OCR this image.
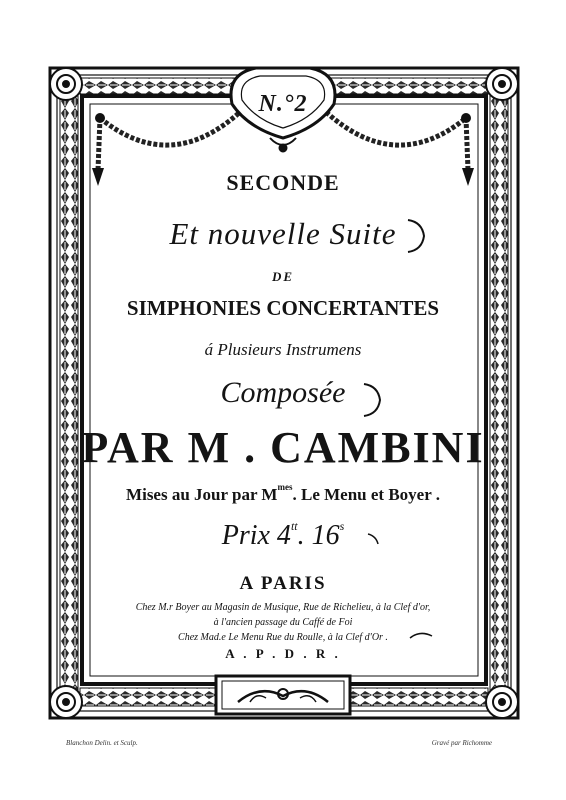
N.°2
SECONDE
Et nouvelle Suite
DE
SIMPHONIES CONCERTANTES
á Plusieurs Instrumens
Composée
PAR M . CAMBINI
Mises au Jour par $M^{mes}$. Le Menu et Boyer .
Prix $4^{tt}$. 16$^s$
A PARIS
Chez M.r Boyer au Magasin de Musique, Rue de Richelieu, à la Clef d'or,
à l'ancien passage du Caffé de Foi
Chez Mad.e Le Menu Rue du Roulle, à la Clef d'Or .
A . P . D . R .
Blanchon Delin. et Sculp.	Gravé par Richomme
